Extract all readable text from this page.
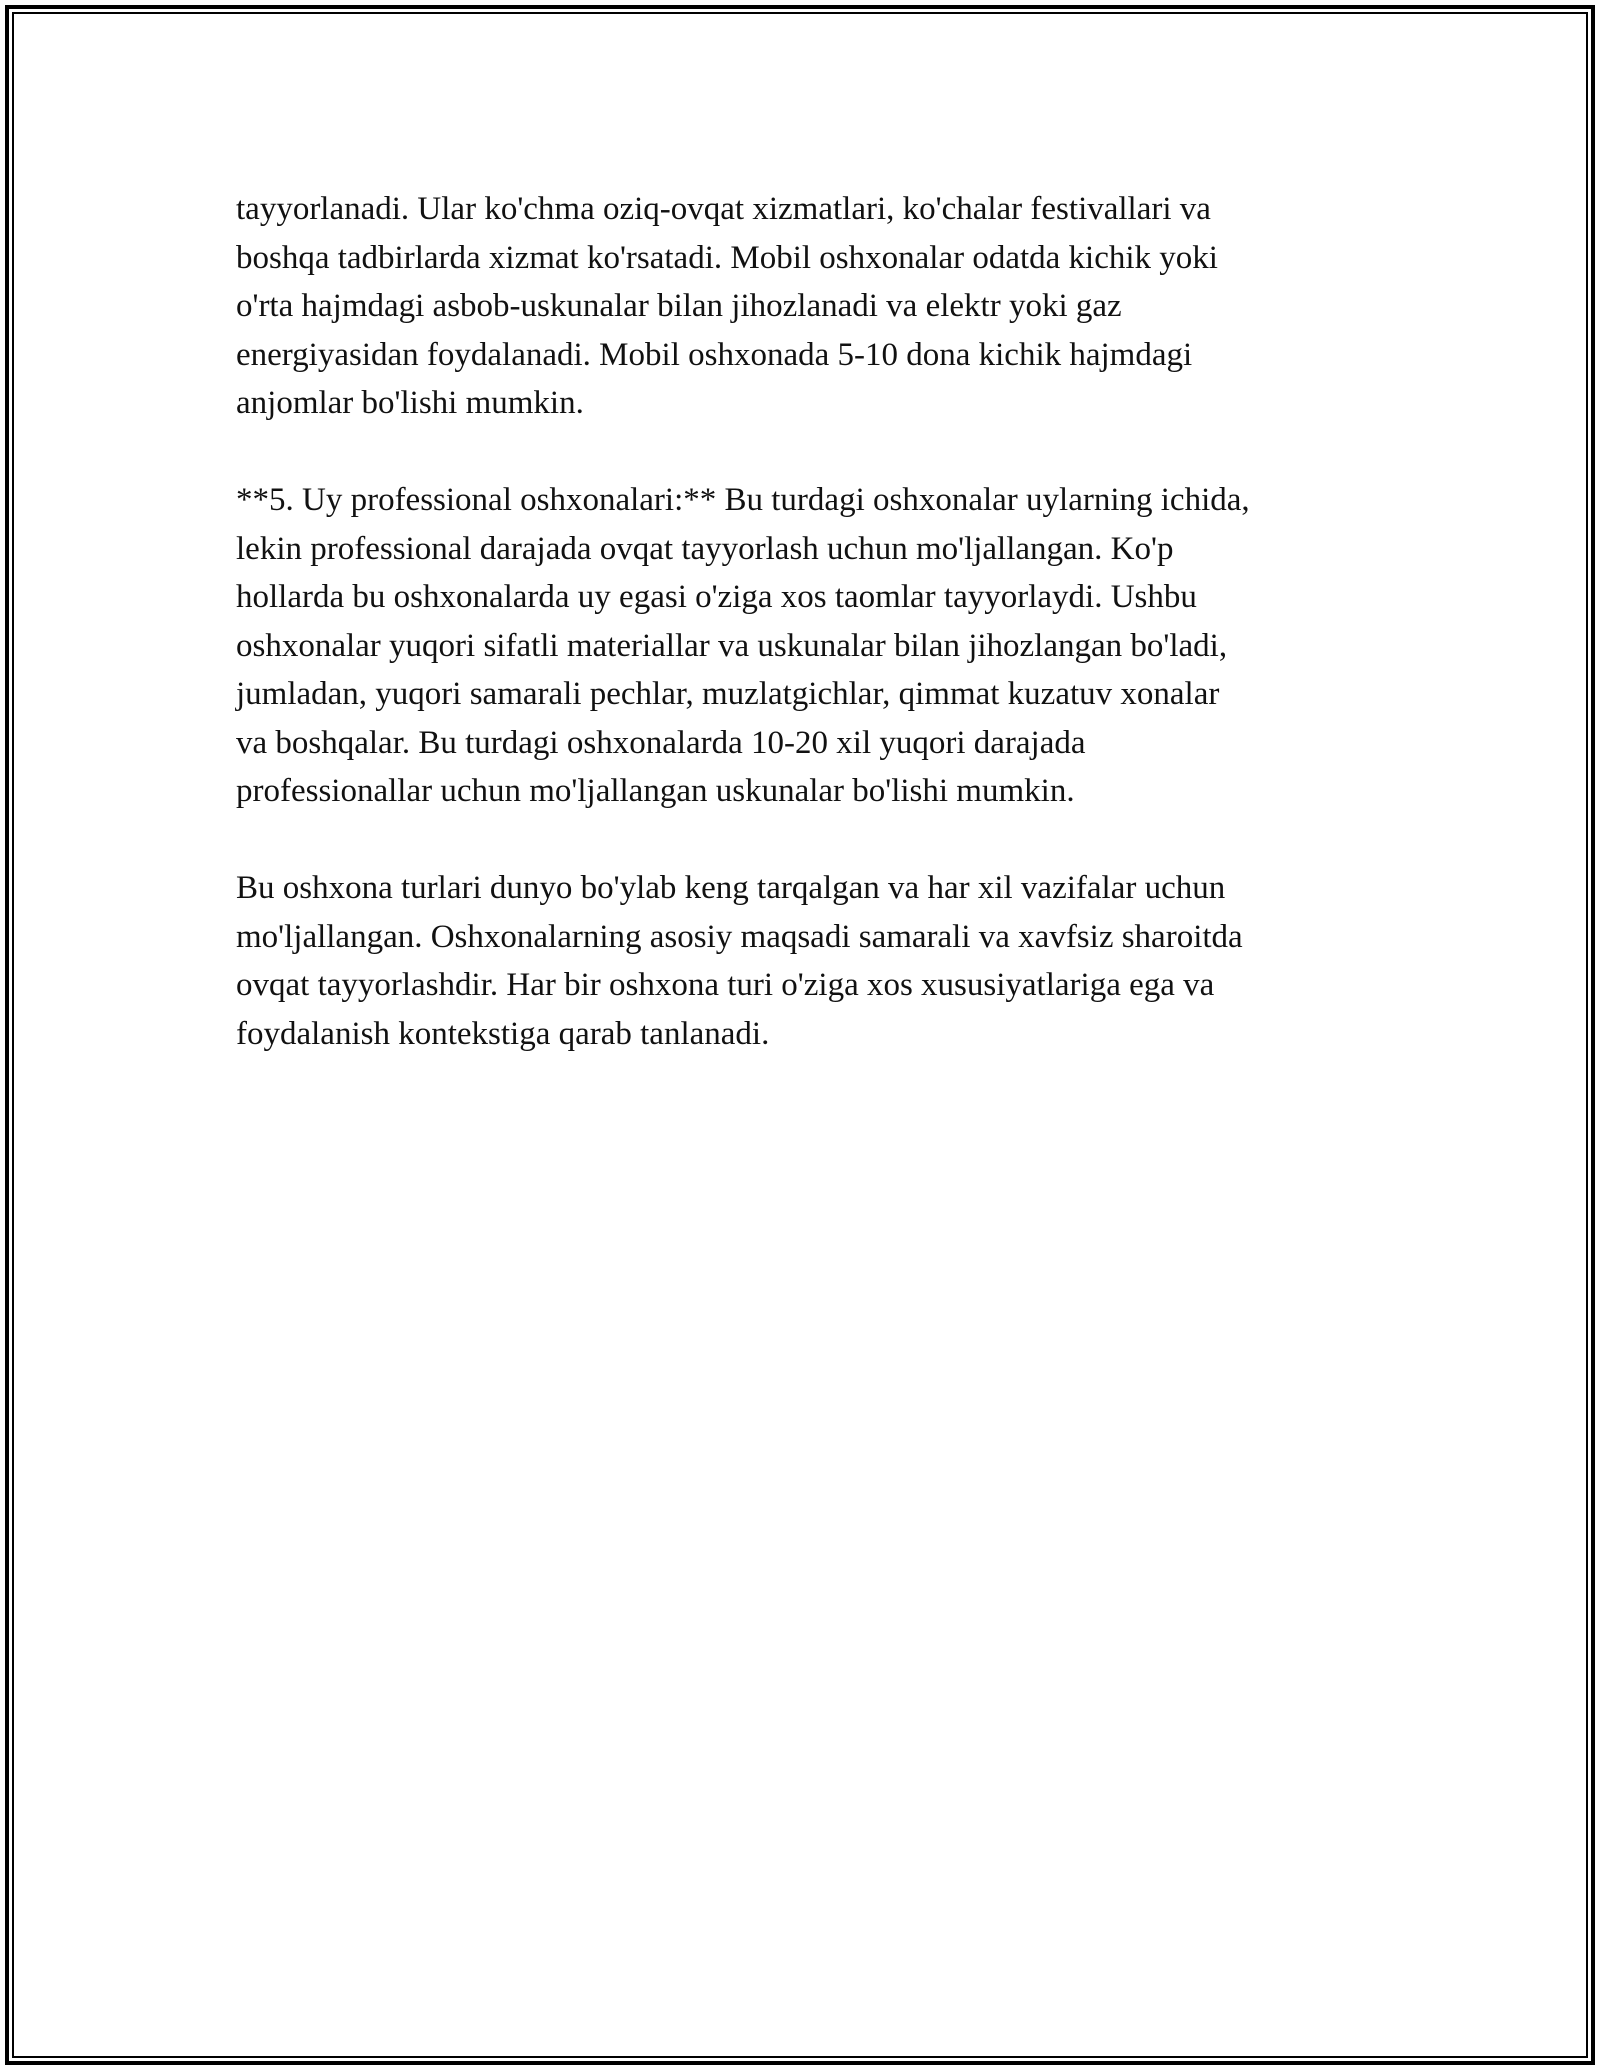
tayyorlanadi. Ular ko'chma oziq-ovqat xizmatlari, ko'chalar festivallari va
boshqa tadbirlarda xizmat ko'rsatadi. Mobil oshxonalar odatda kichik yoki
o'rta hajmdagi asbob-uskunalar bilan jihozlanadi va elektr yoki gaz
energiyasidan foydalanadi. Mobil oshxonada 5-10 dona kichik hajmdagi
anjomlar bo'lishi mumkin.

**5. Uy professional oshxonalari:** Bu turdagi oshxonalar uylarning ichida,
lekin professional darajada ovqat tayyorlash uchun mo'ljallangan. Ko'p
hollarda bu oshxonalarda uy egasi o'ziga xos taomlar tayyorlaydi. Ushbu
oshxonalar yuqori sifatli materiallar va uskunalar bilan jihozlangan bo'ladi,
jumladan, yuqori samarali pechlar, muzlatgichlar, qimmat kuzatuv xonalar
va boshqalar. Bu turdagi oshxonalarda 10-20 xil yuqori darajada
professionallar uchun mo'ljallangan uskunalar bo'lishi mumkin.

Bu oshxona turlari dunyo bo'ylab keng tarqalgan va har xil vazifalar uchun
mo'ljallangan. Oshxonalarning asosiy maqsadi samarali va xavfsiz sharoitda
ovqat tayyorlashdir. Har bir oshxona turi o'ziga xos xususiyatlariga ega va
foydalanish kontekstiga qarab tanlanadi.
